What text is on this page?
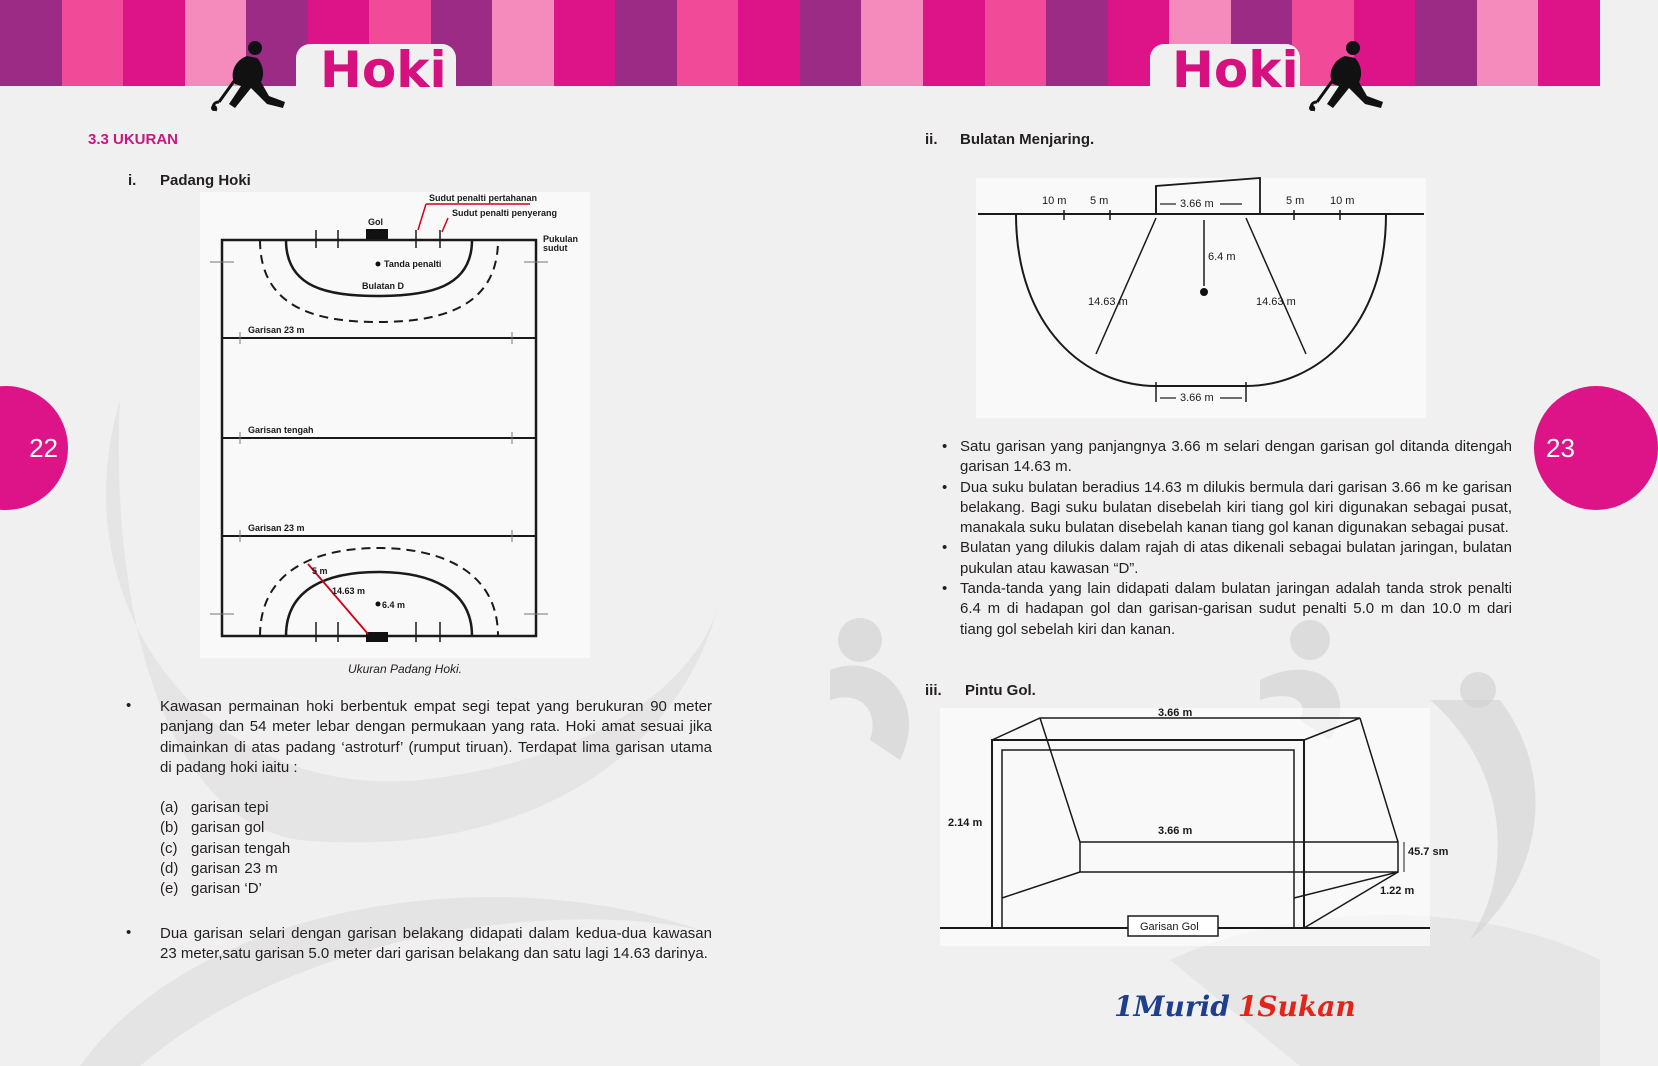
Hoki	Hoki
22	23
3.3 UKURAN
i. Padang Hoki
Sudut penalti pertahanan
Sudut penalti penyerang
Gol
Pukulan
sudut
Tanda penalti
Bulatan D
Garisan 23 m
Garisan tengah
Garisan 23 m
5 m
14.63 m
6.4 m
Ukuran Padang Hoki.
• Kawasan permainan hoki berbentuk empat segi tepat yang berukuran 90 meter panjang dan 54 meter lebar dengan permukaan yang rata. Hoki amat sesuai jika dimainkan di atas padang ‘astroturf’ (rumput tiruan). Terdapat lima garisan utama di padang hoki iaitu :
(a) garisan tepi
(b) garisan gol
(c) garisan tengah
(d) garisan 23 m
(e) garisan ‘D’
• Dua garisan selari dengan garisan belakang didapati dalam kedua-dua kawasan 23 meter,satu garisan 5.0 meter dari garisan belakang dan satu lagi 14.63 darinya.
ii. Bulatan Menjaring.
10 m 5 m	3.66 m	5 m 10 m
6.4 m
14.63 m	14.63 m
3.66 m
• Satu garisan yang panjangnya 3.66 m selari dengan garisan gol ditanda ditengah garisan 14.63 m.
• Dua suku bulatan beradius 14.63 m dilukis bermula dari garisan 3.66 m ke garisan belakang. Bagi suku bulatan disebelah kiri tiang gol kiri digunakan sebagai pusat, manakala suku bulatan disebelah kanan tiang gol kanan digunakan sebagai pusat.
• Bulatan yang dilukis dalam rajah di atas dikenali sebagai bulatan jaringan, bulatan pukulan atau kawasan “D”.
• Tanda-tanda yang lain didapati dalam bulatan jaringan adalah tanda strok penalti 6.4 m di hadapan gol dan garisan-garisan sudut penalti 5.0 m dan 10.0 m dari tiang gol sebelah kiri dan kanan.
iii. Pintu Gol.
3.66 m
2.14 m
3.66 m
45.7 sm
1.22 m
Garisan Gol
1Murid 1Sukan
